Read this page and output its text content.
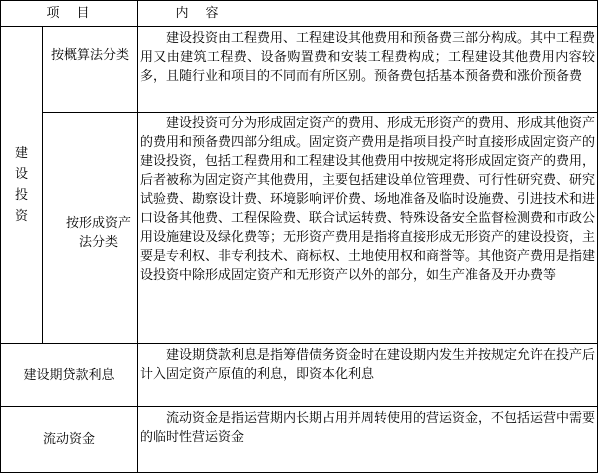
项　目	内　容
建
设
投
资
按概算法分类
建设投资由工程费用、工程建设其他费用和预备费三部分构成。其中工程费用又由建筑工程费、设备购置费和安装工程费构成；工程建设其他费用内容较多，且随行业和项目的不同而有所区别。预备费包括基本预备费和涨价预备费
按形成资产法分类
建设投资可分为形成固定资产的费用、形成无形资产的费用、形成其他资产的费用和预备费四部分组成。固定资产费用是指项目投产时直接形成固定资产的建设投资，包括工程费用和工程建设其他费用中按规定将形成固定资产的费用，后者被称为固定资产其他费用，主要包括建设单位管理费、可行性研究费、研究试验费、勘察设计费、环境影响评价费、场地准备及临时设施费、引进技术和进口设备其他费、工程保险费、联合试运转费、特殊设备安全监督检测费和市政公用设施建设及绿化费等；无形资产费用是指将直接形成无形资产的建设投资，主要是专利权、非专利技术、商标权、土地使用权和商誉等。其他资产费用是指建设投资中除形成固定资产和无形资产以外的部分，如生产准备及开办费等
建设期贷款利息
建设期贷款利息是指筹借债务资金时在建设期内发生并按规定允许在投产后计入固定资产原值的利息，即资本化利息
流动资金
流动资金是指运营期内长期占用并周转使用的营运资金，不包括运营中需要的临时性营运资金
